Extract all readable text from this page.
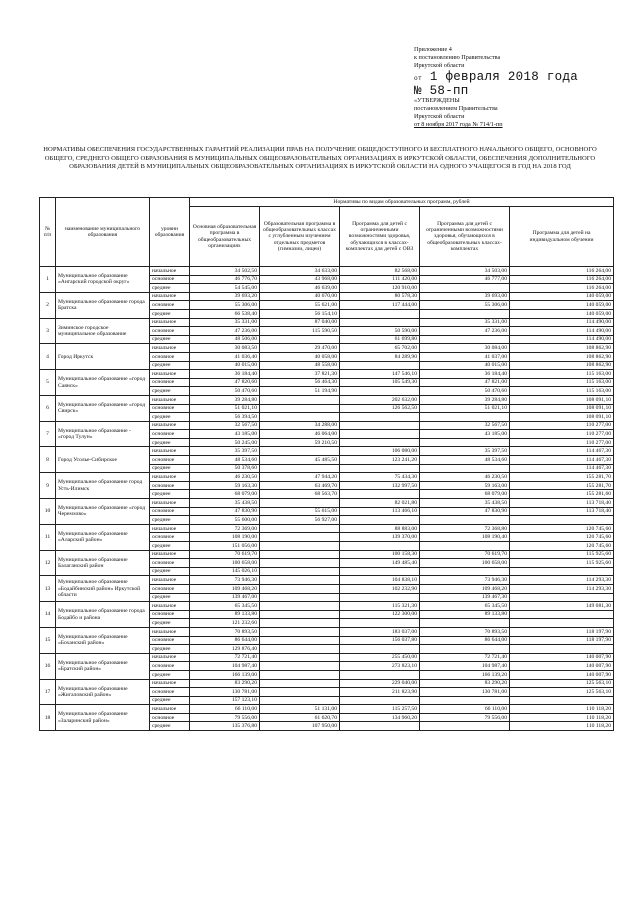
Приложение 4
к постановлению Правительства
Иркутской области
от 1 февраля 2018 года
№ 58-пп
«УТВЕРЖДЕНЫ
постановлением Правительства
Иркутской области
от 8 ноября 2017 года № 714/1-пп
НОРМАТИВЫ ОБЕСПЕЧЕНИЯ ГОСУДАРСТВЕННЫХ ГАРАНТИЙ РЕАЛИЗАЦИИ ПРАВ НА ПОЛУЧЕНИЕ ОБЩЕДОСТУПНОГО И БЕСПЛАТНОГО НАЧАЛЬНОГО ОБЩЕГО, ОСНОВНОГО ОБЩЕГО, СРЕДНЕГО ОБЩЕГО ОБРАЗОВАНИЯ В МУНИЦИПАЛЬНЫХ ОБЩЕОБРАЗОВАТЕЛЬНЫХ ОРГАНИЗАЦИЯХ В ИРКУТСКОЙ ОБЛАСТИ, ОБЕСПЕЧЕНИЯ ДОПОЛНИТЕЛЬНОГО ОБРАЗОВАНИЯ ДЕТЕЙ В МУНИЦИПАЛЬНЫХ ОБЩЕОБРАЗОВАТЕЛЬНЫХ ОРГАНИЗАЦИЯХ В ИРКУТСКОЙ ОБЛАСТИ НА ОДНОГО УЧАЩЕГОСЯ В ГОД НА 2018 ГОД
№ п/п	наименование муниципального образования	уровни образования	Нормативы по видам образовательных программ, рублей				
			Основная образовательная программа в общеобразовательных организациях	Образовательная программа в общеобразовательных классах с углубленным изучением отдельных предметов (гимназии, лицеи)	Программа для детей с ограниченными возможностями здоровья, обучающихся в классах-комплектах для детей с ОВЗ	Программа для детей с ограниченными возможностями здоровья, обучающихся в общеобразовательных классах-комплектах	Программа для детей на индивидуальном обучении
1	Муниципальное образование «Ангарский городской округ»	начальное	34 502,50	34 633,00	82 568,00	34 503,00	116 264,00
		основное	46 776,70	43 968,00	111 420,00	46 777,00	116 264,00
		среднее	54 545,00	46 639,00	120 910,00		116 264,00
2	Муниципальное образование города Братска	начальное	39 693,20	40 670,00	80 578,30	39 693,00	140 059,00
		основное	55 306,00	55 621,00	117 444,00	55 306,00	140 059,00
		среднее	66 538,40	56 154,10			140 059,00
3	Зиминское городское муниципальное образование	начальное	35 331,00	87 040,00		35 331,00	114 490,00
		основное	47 236,00	115 590,50	50 590,00	47 236,00	114 490,00
		среднее	48 506,00		61 699,80		114 490,00
4	Город Иркутск	начальное	30 083,50	29 470,00	65 702,00	30 084,00	108 862,90
		основное	41 036,40	40 058,00	84 289,90	41 037,00	108 862,90
		среднее	40 015,00	48 558,00		40 015,00	108 862,90
5	Муниципальное образование «город Саянск»	начальное	36 184,40	37 821,30	147 546,10	36 184,40	115 163,00
		основное	47 820,60	56 464,30	105 549,30	47 821,00	115 163,00
		среднее	50 470,60	51 194,90		50 470,60	115 163,00
6	Муниципальное образование «город Свирск»	начальное	39 284,80		202 632,00	39 284,80	108 091,10
		основное	51 021,10		126 562,50	51 021,10	108 091,10
		среднее	56 394,50				108 091,10
7	Муниципальное образование - «город Тулун»	начальное	32 567,50	34 288,00		32 567,50	110 277,00
		основное	43 185,00	46 064,00		43 185,00	110 277,00
		среднее	50 245,00	59 210,50			110 277,00
8	Город Усолье-Сибирское	начальное	35 397,50		106 080,00	35 397,50	114 467,30
		основное	48 534,60	45 485,50	123 241,20	48 534,60	114 467,30
		среднее	50 378,60				114 467,30
9	Муниципальное образование город Усть-Илимск	начальное	46 230,50	47 944,20	75 434,30	46 230,50	155 281,70
		основное	59 163,30	63 469,70	132 997,50	59 163,00	155 281,70
		среднее	68 079,00	68 563,70		68 079,00	155 281,60
10	Муниципальное образование «город Черемхово»	начальное	35 438,50		82 021,80	35 438,50	113 718,40
		основное	47 830,90	55 615,00	113 466,10	47 830,90	113 718,40
		среднее	55 600,00	56 927,00			
11	Муниципальное образование «Аларский район»	начальное	72 369,00		88 883,00	72 368,80	120 745,60
		основное	108 190,00		139 370,00	108 190,40	120 745,60
		среднее	151 056,00				120 745,60
12	Муниципальное образование Балаганский район	начальное	70 619,70		100 158,30	70 619,70	115 925,60
		основное	100 658,00		149 485,40	100 658,00	115 925,60
		среднее	145 026,10				
13	Муниципальное образование «Бодайбинский район» Иркутской области	начальное	73 946,30		104 838,10	73 946,30	114 293,30
		основное	109 468,20		102 232,90	109 468,20	114 293,30
		среднее	139 467,00			139 467,30	
14	Муниципальное образование города Бодайбо и района	начальное	65 345,50		115 321,30	65 345,50	149 081,30
		основное	89 133,80		122 300,00	89 133,80	
		среднее	121 232,60				
15	Муниципальное образование «Боханский район»	начальное	70 893,50		183 037,00	70 893,50	118 197,90
		основное	86 644,00		156 037,80	86 644,00	118 197,90
		среднее	129 876,40				
16	Муниципальное образование «Братский район»	начальное	72 721,40		255 450,00	72 721,40	140 007,90
		основное	104 987,40		273 823,10	104 987,40	140 007,90
		среднее	166 139,00			166 139,20	140 007,90
17	Муниципальное образование «Жигаловский район»	начальное	83 290,20		229 040,00	83 290,20	125 563,10
		основное	130 781,00		211 823,90	130 781,00	125 563,10
		среднее	157 123,10				
18	Муниципальное образование «Заларинский район»	начальное	66 110,00	51 131,00	115 257,50	66 110,00	110 118,20
		основное	79 556,00	61 620,70	134 960,20	79 556,00	110 118,20
		среднее	135 376,80	107 950,00			110 118,20
